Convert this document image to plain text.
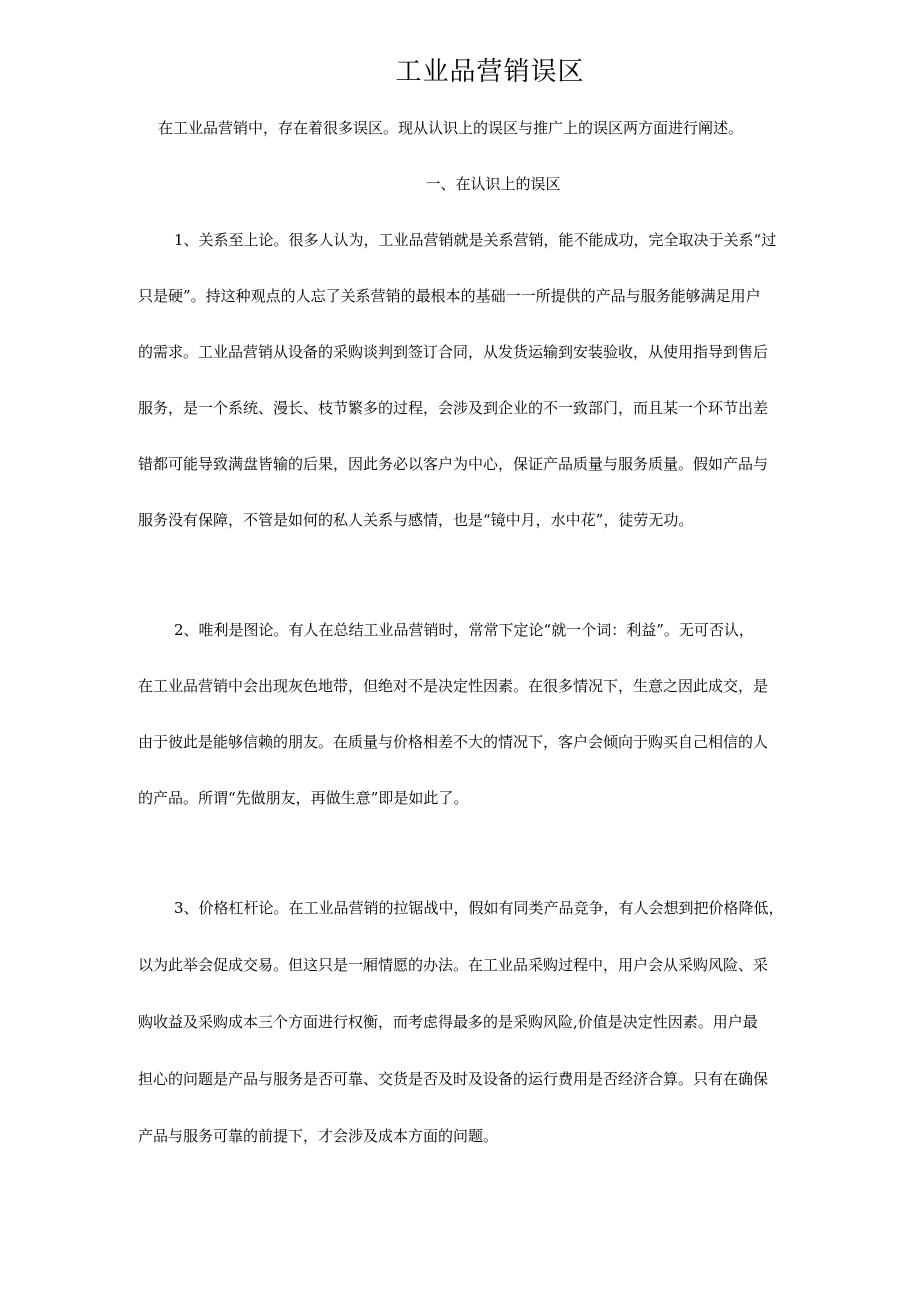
工业品营销误区
在工业品营销中，存在着很多误区。现从认识上的误区与推广上的误区两方面进行阐述。
一、在认识上的误区
1、关系至上论。很多人认为，工业品营销就是关系营销，能不能成功，完全取决于关系“过
只是硬”。持这种观点的人忘了关系营销的最根本的基础一一所提供的产品与服务能够满足用户
的需求。工业品营销从设备的采购谈判到签订合同，从发货运输到安装验收，从使用指导到售后
服务，是一个系统、漫长、枝节繁多的过程，会涉及到企业的不一致部门，而且某一个环节出差
错都可能导致满盘皆输的后果，因此务必以客户为中心，保证产品质量与服务质量。假如产品与
服务没有保障，不管是如何的私人关系与感情，也是“镜中月，水中花”，徒劳无功。
2、唯利是图论。有人在总结工业品营销时，常常下定论“就一个词：利益”。无可否认，
在工业品营销中会出现灰色地带，但绝对不是决定性因素。在很多情况下，生意之因此成交，是
由于彼此是能够信赖的朋友。在质量与价格相差不大的情况下，客户会倾向于购买自己相信的人
的产品。所谓“先做朋友，再做生意”即是如此了。
3、价格杠杆论。在工业品营销的拉锯战中，假如有同类产品竞争，有人会想到把价格降低，
以为此举会促成交易。但这只是一厢情愿的办法。在工业品采购过程中，用户会从采购风险、采
购收益及采购成本三个方面进行权衡，而考虑得最多的是采购风险,价值是决定性因素。用户最
担心的问题是产品与服务是否可靠、交货是否及时及设备的运行费用是否经济合算。只有在确保
产品与服务可靠的前提下，才会涉及成本方面的问题。
